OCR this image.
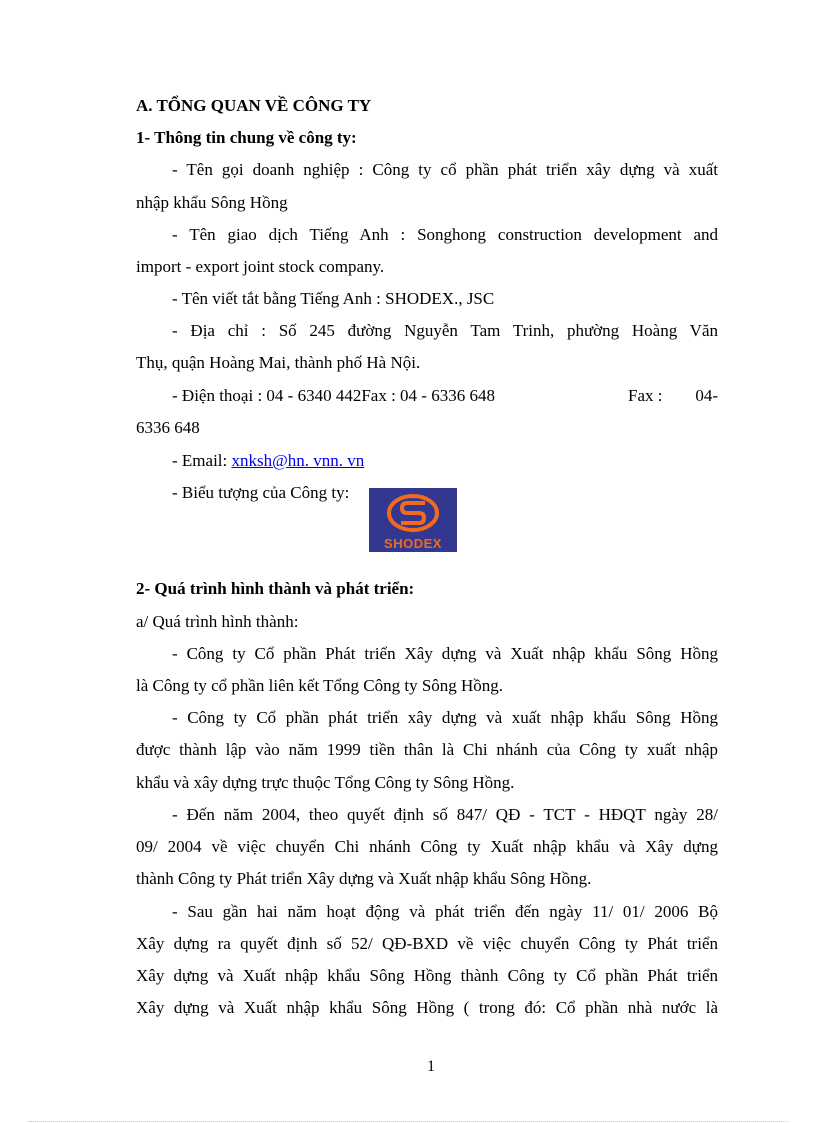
A. TỔNG QUAN VỀ CÔNG TY
1- Thông tin chung về công ty:
- Tên gọi doanh nghiệp : Công ty cổ phần phát triển xây dựng và xuất
nhập khẩu Sông Hồng
- Tên giao dịch Tiếng Anh : Songhong construction development and
import - export joint stock company.
- Tên viết tắt bằng Tiếng Anh : SHODEX., JSC
- Địa chỉ : Số 245 đường Nguyễn Tam Trinh, phường Hoàng Văn
Thụ, quận Hoàng Mai, thành phố Hà Nội.
- Điện thoại : 04 - 6340 442Fax : 04 - 6336 648	Fax : 04-
6336 648
- Email: xnksh@hn. vnn. vn
- Biểu tượng của Công ty:
SHODEX
2- Quá trình hình thành và phát triển:
a/ Quá trình hình thành:
- Công ty Cổ phần Phát triển Xây dựng và Xuất nhập khẩu Sông Hồng
là Công ty cổ phần liên kết Tổng Công ty Sông Hồng.
- Công ty Cổ phần phát triển xây dựng và xuất nhập khẩu Sông Hồng
được thành lập vào năm 1999 tiền thân là Chi nhánh của Công ty xuất nhập
khẩu và xây dựng trực thuộc Tổng Công ty Sông Hồng.
- Đến năm 2004, theo quyết định số 847/ QĐ - TCT - HĐQT ngày 28/
09/ 2004 về việc chuyển Chi nhánh Công ty Xuất nhập khẩu và Xây dựng
thành Công ty Phát triển Xây dựng và Xuất nhập khẩu Sông Hồng.
- Sau gần hai năm hoạt động và phát triển đến ngày 11/ 01/ 2006 Bộ
Xây dựng ra quyết định số 52/ QĐ-BXD về việc chuyển Công ty Phát triển
Xây dựng và Xuất nhập khẩu Sông Hồng thành Công ty Cổ phần Phát triển
Xây dựng và Xuất nhập khẩu Sông Hồng ( trong đó: Cổ phần nhà nước là
1
